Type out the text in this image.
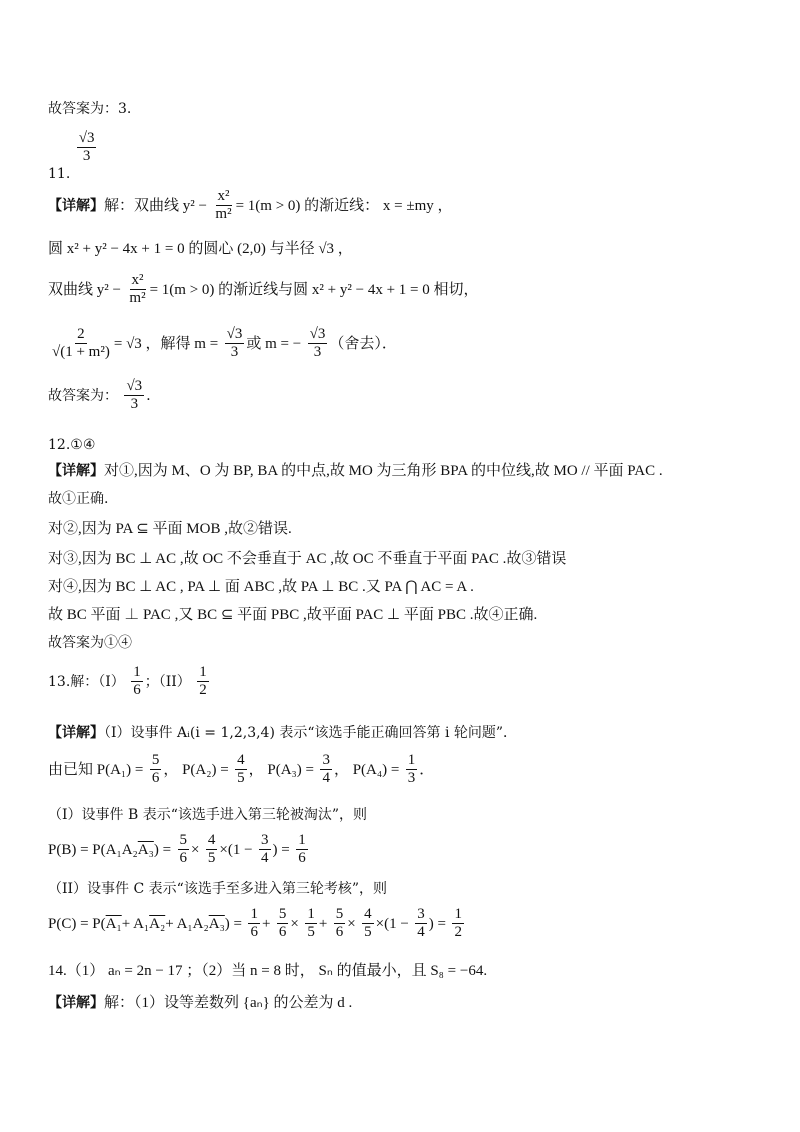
故答案为：3.
11.
$\frac{√3}{3}$
【详解】解：双曲线 $y^2 - \frac{\text{x²}}{\text{m²}} = 1(m > 0)$ 的渐近线： x = ±my ，
圆 x² + y² − 4x + 1 = 0 的圆心 (2,0) 与半径 √3 ，
双曲线 $y^2 - \frac{\text{x²}}{\text{m²}} = 1(m > 0)$ 的渐近线与圆 x² + y² − 4x + 1 = 0 相切，
$\frac{2}{\text{√(1 + m²)}} = √3$ ，解得 $m = \frac{√3}{3}$ 或 m = − $\frac{√3}{3}$ （舍去）．
故答案为： $\frac{√3}{3}$ ．
12.①④
【详解】对①,因为 M、O 为 BP, BA 的中点,故 MO 为三角形 BPA 的中位线,故 MO // 平面 PAC .
故①正确.
对②,因为 PA ⊆ 平面 MOB ,故②错误.
对③,因为 BC ⊥ AC ,故 OC 不会垂直于 AC ,故 OC 不垂直于平面 PAC .故③错误
对④,因为 BC ⊥ AC , PA ⊥ 面 ABC ,故 PA ⊥ BC .又 PA ⋂ AC = A .
故 BC 平面 ⊥ PAC ,又 BC ⊆ 平面 PBC ,故平面 PAC ⊥ 平面 PBC .故④正确.
故答案为①④
13.解：$(I) \frac{1}{6}$ ；$(II) \frac{1}{2}$
【详解】（I）设事件 Aᵢ(i = 1,2,3,4) 表示“该选手能正确回答第 i 轮问题”．
由已知 $P(A_1) = \frac{5}{6}$ ， $P(A_2) = \frac{4}{5}$ ， $P(A_3) = \frac{3}{4}$ ， $P(A_4) = \frac{1}{3}$ ．
（I）设事件 B 表示“该选手进入第三轮被淘汰”，则
$P(B) = P(A_1A_2A_3) = \frac{5}{6} \times \frac{4}{5} \times(1 - \frac{3}{4}$ ) = $\frac{1}{6}$
（II）设事件 C 表示“该选手至多进入第三轮考核”，则
$P(C) = P(A_1+ A_1A_2+ A_1A_2A_3) = \frac{1}{6} + \frac{5}{6} \times \frac{1}{5} + \frac{5}{6} \times \frac{4}{5} \times(1 - \frac{3}{4}$ ) = $\frac{1}{2}$
14.（1） aₙ = 2n − 17 ；（2）当 n = 8 时， Sₙ 的值最小，且 S₈ = −64.
【详解】解：（1）设等差数列 {aₙ} 的公差为 d .
